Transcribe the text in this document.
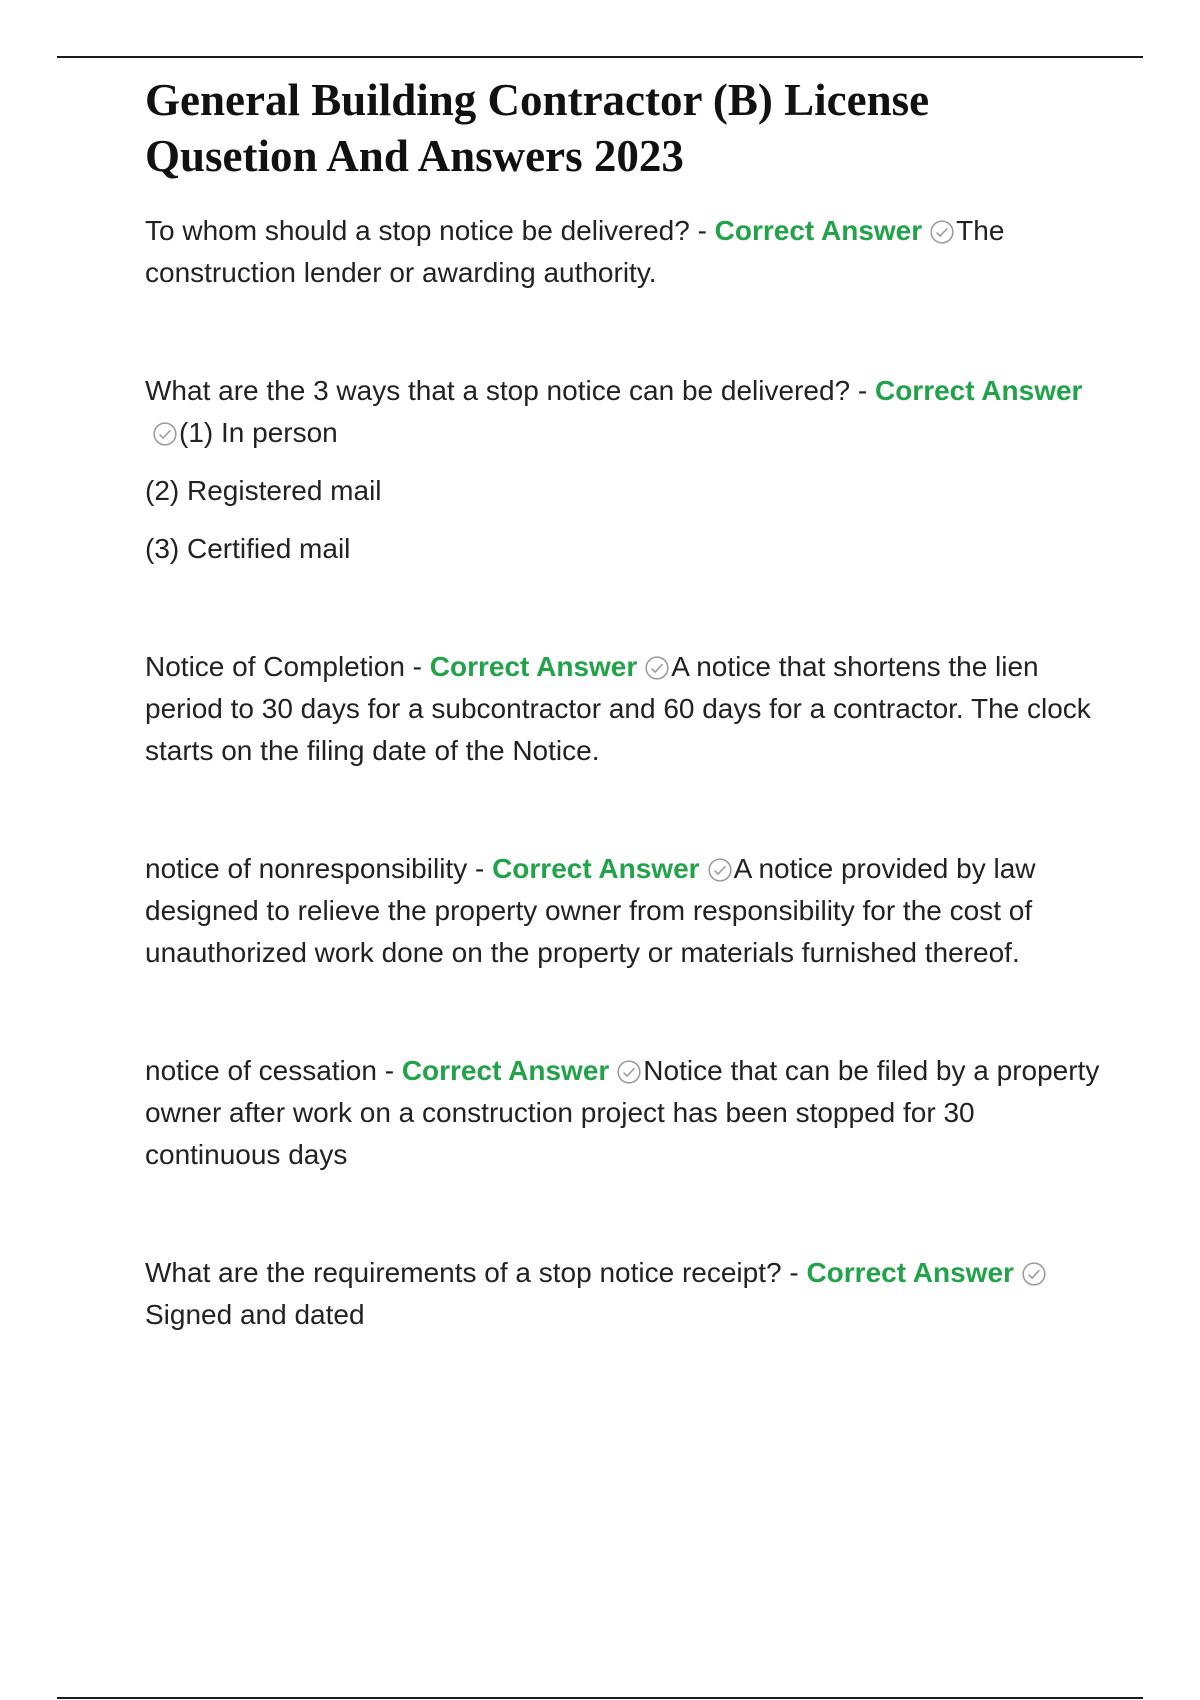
General Building Contractor (B) License Qusetion And Answers 2023

To whom should a stop notice be delivered? - Correct Answer The construction lender or awarding authority.

What are the 3 ways that a stop notice can be delivered? - Correct Answer
(1) In person

(2) Registered mail

(3) Certified mail

Notice of Completion - Correct Answer A notice that shortens the lien period to 30 days for a subcontractor and 60 days for a contractor. The clock starts on the filing date of the Notice.

notice of nonresponsibility - Correct Answer A notice provided by law designed to relieve the property owner from responsibility for the cost of unauthorized work done on the property or materials furnished thereof.

notice of cessation - Correct Answer Notice that can be filed by a property owner after work on a construction project has been stopped for 30 continuous days

What are the requirements of a stop notice receipt? - Correct Answer
Signed and dated
